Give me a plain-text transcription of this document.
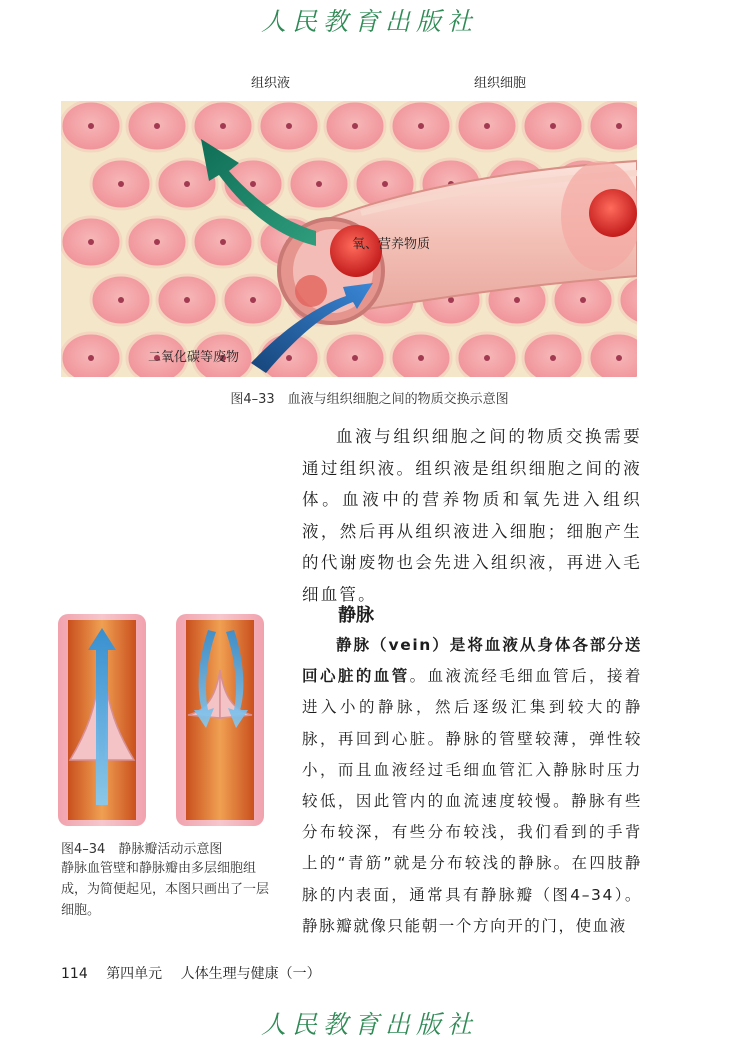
人民教育出版社
组织液	组织细胞
氧、营养物质
二氧化碳等废物
图4–33　血液与组织细胞之间的物质交换示意图
血液与组织细胞之间的物质交换需要通过组织液。组织液是组织细胞之间的液体。血液中的营养物质和氧先进入组织液，然后再从组织液进入细胞；细胞产生的代谢废物也会先进入组织液，再进入毛细血管。
图4–34　静脉瓣活动示意图
静脉血管壁和静脉瓣由多层细胞组成，为简便起见，本图只画出了一层细胞。
静脉
静脉（vein）是将血液从身体各部分送回心脏的血管。血液流经毛细血管后，接着进入小的静脉，然后逐级汇集到较大的静脉，再回到心脏。静脉的管壁较薄，弹性较小，而且血液经过毛细血管汇入静脉时压力较低，因此管内的血流速度较慢。静脉有些分布较深，有些分布较浅，我们看到的手背上的“青筋”就是分布较浅的静脉。在四肢静脉的内表面，通常具有静脉瓣（图4–34）。静脉瓣就像只能朝一个方向开的门，使血液
114 第四单元 人体生理与健康（一）
人民教育出版社
